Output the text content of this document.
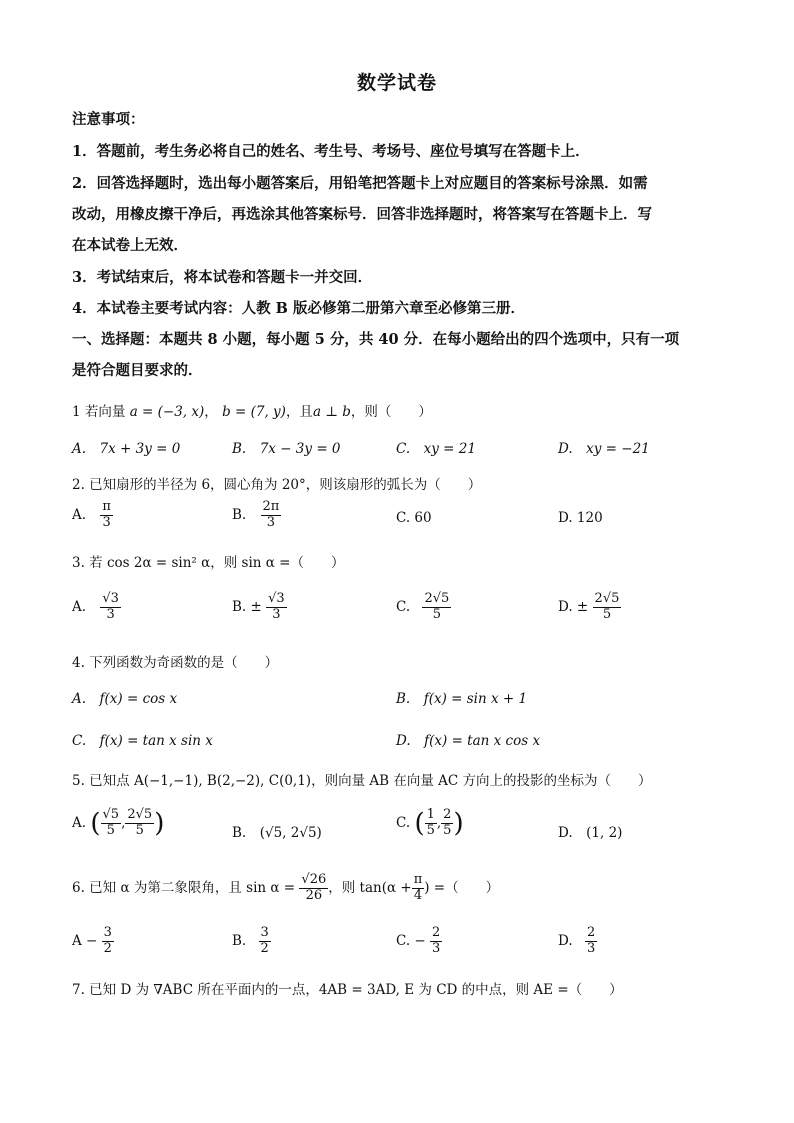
数学试卷
注意事项：
1．答题前，考生务必将自己的姓名、考生号、考场号、座位号填写在答题卡上．
2．回答选择题时，选出每小题答案后，用铅笔把答题卡上对应题目的答案标号涂黑．如需
改动，用橡皮擦干净后，再选涂其他答案标号．回答非选择题时，将答案写在答题卡上．写
在本试卷上无效．
3．考试结束后，将本试卷和答题卡一并交回．
4．本试卷主要考试内容：人教 B 版必修第二册第六章至必修第三册．
一、选择题：本题共 8 小题，每小题 5 分，共 40 分．在每小题给出的四个选项中，只有一项
是符合题目要求的．
1 若向量 a = (−3, x)， b = (7, y)，且a ⊥ b，则（　　）
A.　7x + 3y = 0	B.　7x − 3y = 0	C.　xy = 21	D.　xy = −21
2. 已知扇形的半径为 6，圆心角为 20°，则该扇形的弧长为（　　）
A. $\frac{\pi}{3}$	B. $\frac{2\pi}{3}$	C. 60	D. 120
3. 若 cos 2α = sin² α，则 sin α =（　　）
A. $\frac{√3}{3}$	B. ± $\frac{√3}{3}$	C. $\frac{2√5}{5}$	D. ± $\frac{2√5}{5}$
4. 下列函数为奇函数的是（　　）
A.　f(x) = cos x	B.　f(x) = sin x + 1
C.　f(x) = tan x sin x	D.　f(x) = tan x cos x
5. 已知点 A(−1,−1), B(2,−2), C(0,1)，则向量 AB 在向量 AC 方向上的投影的坐标为（　　）
A. ( $\frac{√5}{5}$ , $\frac{2√5}{5}$ )	B.　(√5, 2√5)
C. ( $\frac{1}{5}$ , $\frac{2}{5}$ )	D.　(1, 2)
6. 已知 α 为第二象限角，且 $\sin \alpha = \frac{√26}{26}$ ，则 $\tan(\alpha + \frac{\pi}{4}$ ) =（　　）
$A - \frac{3}{2}$	B. $\frac{3}{2}$	C. − $\frac{2}{3}$	D. $\frac{2}{3}$
7. 已知 D 为 ∇ABC 所在平面内的一点，4AB = 3AD, E 为 CD 的中点，则 AE =（　　）
